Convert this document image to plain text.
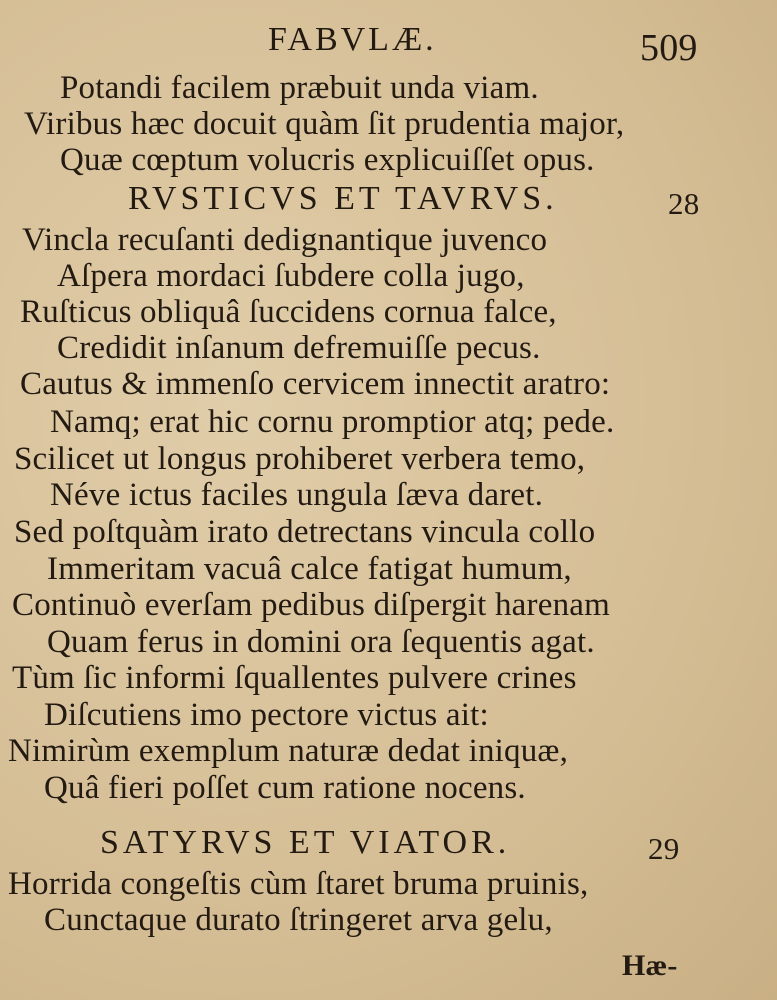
FABVLÆ.	509
Potandi facilem præbuit unda viam.
Viribus hæc docuit quàm ſit prudentia major,
Quæ cœptum volucris explicuiſſet opus.
RVSTICVS ET TAVRVS.	28
Vincla recuſanti dedignantique juvenco
Aſpera mordaci ſubdere colla jugo,
Ruſticus obliquâ ſuccidens cornua falce,
Credidit inſanum defremuiſſe pecus.
Cautus & immenſo cervicem innectit aratro:
Namq; erat hic cornu promptior atq; pede.
Scilicet ut longus prohiberet verbera temo,
Néve ictus faciles ungula ſæva daret.
Sed poſtquàm irato detrectans vincula collo
Immeritam vacuâ calce fatigat humum,
Continuò everſam pedibus diſpergit harenam
Quam ferus in domini ora ſequentis agat.
Tùm ſic informi ſquallentes pulvere crines
Diſcutiens imo pectore victus ait:
Nimirùm exemplum naturæ dedat iniquæ,
Quâ fieri poſſet cum ratione nocens.
SATYRVS ET VIATOR.	29
Horrida congeſtis cùm ſtaret bruma pruinis,
Cunctaque durato ſtringeret arva gelu,
Hæ-
